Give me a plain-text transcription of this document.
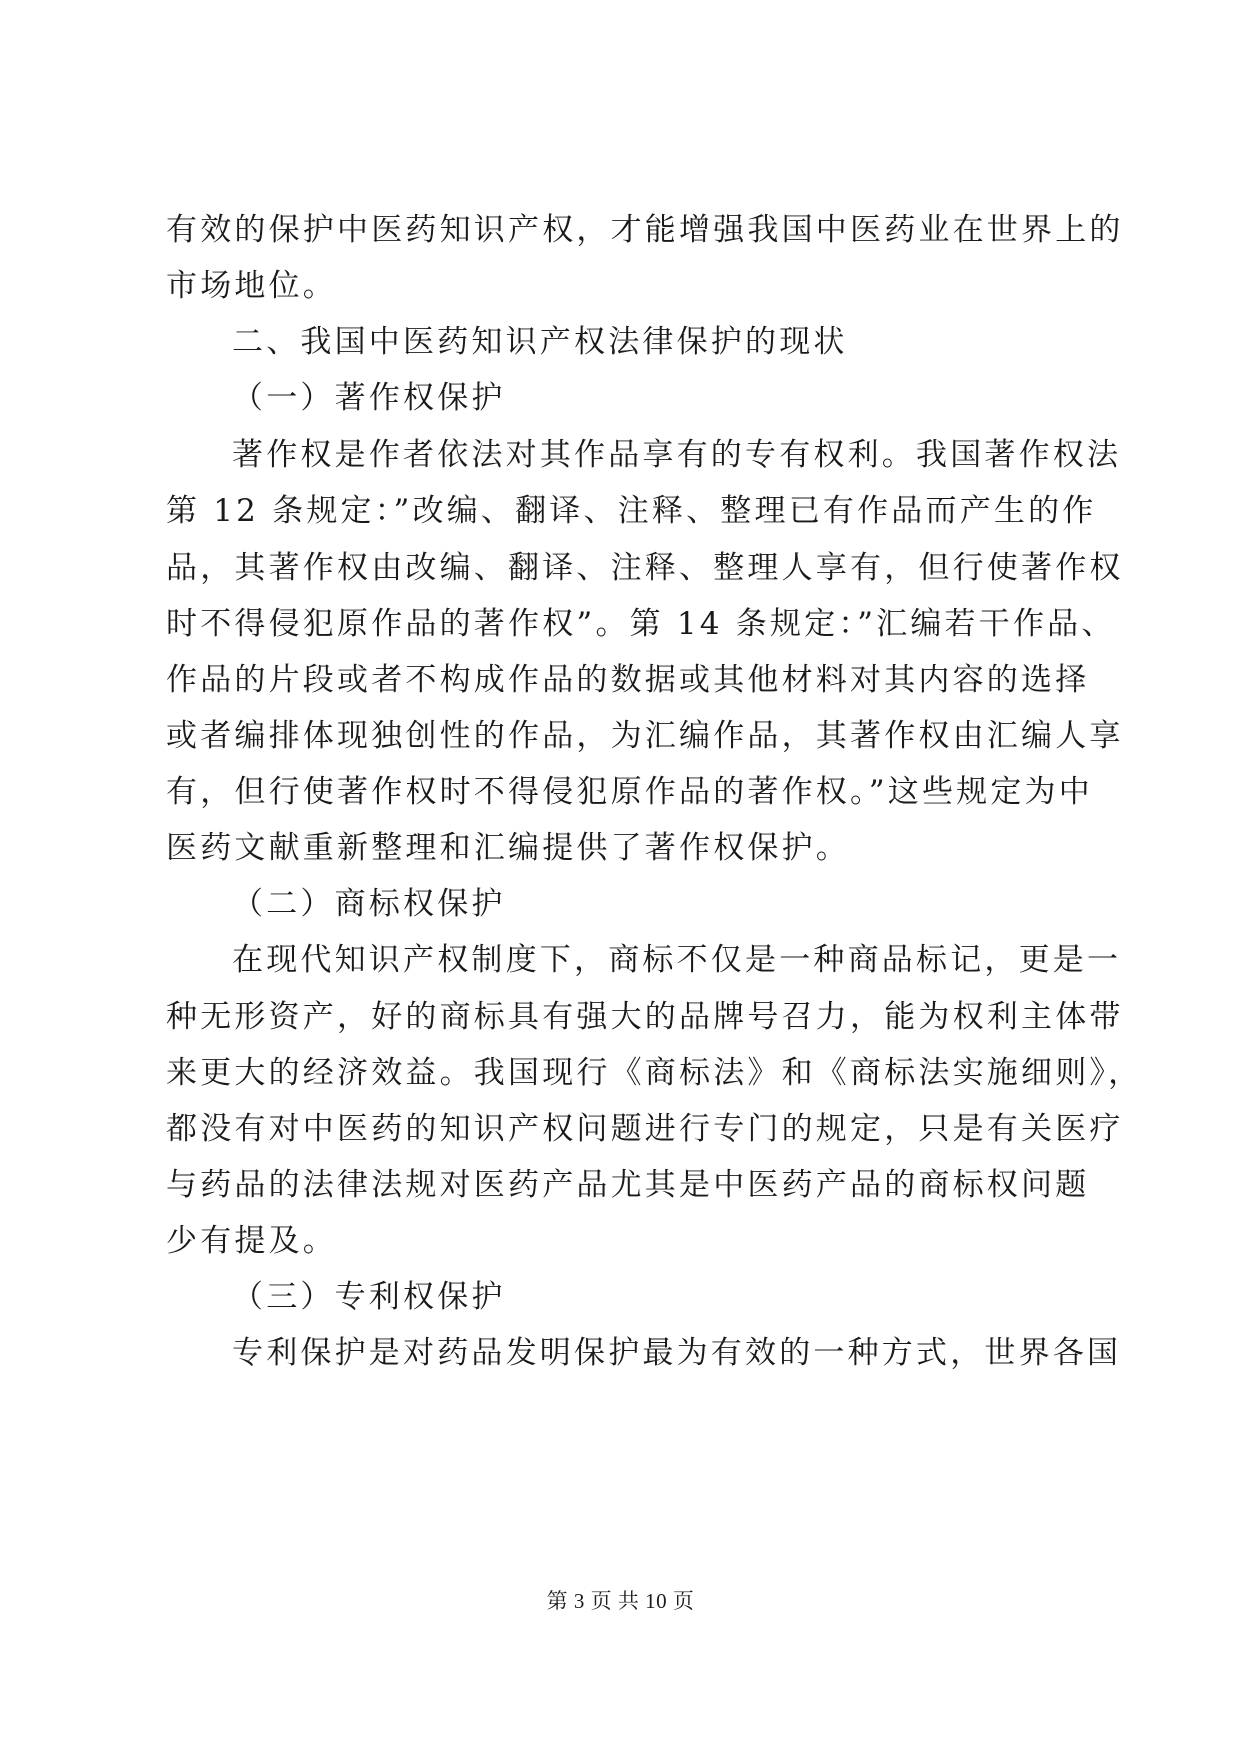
有效的保护中医药知识产权，才能增强我国中医药业在世界上的
市场地位。
二、我国中医药知识产权法律保护的现状
（一）著作权保护
著作权是作者依法对其作品享有的专有权利。我国著作权法
第 12 条规定：”改编、翻译、注释、整理已有作品而产生的作
品，其著作权由改编、翻译、注释、整理人享有，但行使著作权
时不得侵犯原作品的著作权”。第 14 条规定：”汇编若干作品、
作品的片段或者不构成作品的数据或其他材料对其内容的选择
或者编排体现独创性的作品，为汇编作品，其著作权由汇编人享
有，但行使著作权时不得侵犯原作品的著作权。”这些规定为中
医药文献重新整理和汇编提供了著作权保护。
（二）商标权保护
在现代知识产权制度下，商标不仅是一种商品标记，更是一
种无形资产，好的商标具有强大的品牌号召力，能为权利主体带
来更大的经济效益。我国现行《商标法》和《商标法实施细则》，
都没有对中医药的知识产权问题进行专门的规定，只是有关医疗
与药品的法律法规对医药产品尤其是中医药产品的商标权问题
少有提及。
（三）专利权保护
专利保护是对药品发明保护最为有效的一种方式，世界各国
第 3 页 共 10 页
